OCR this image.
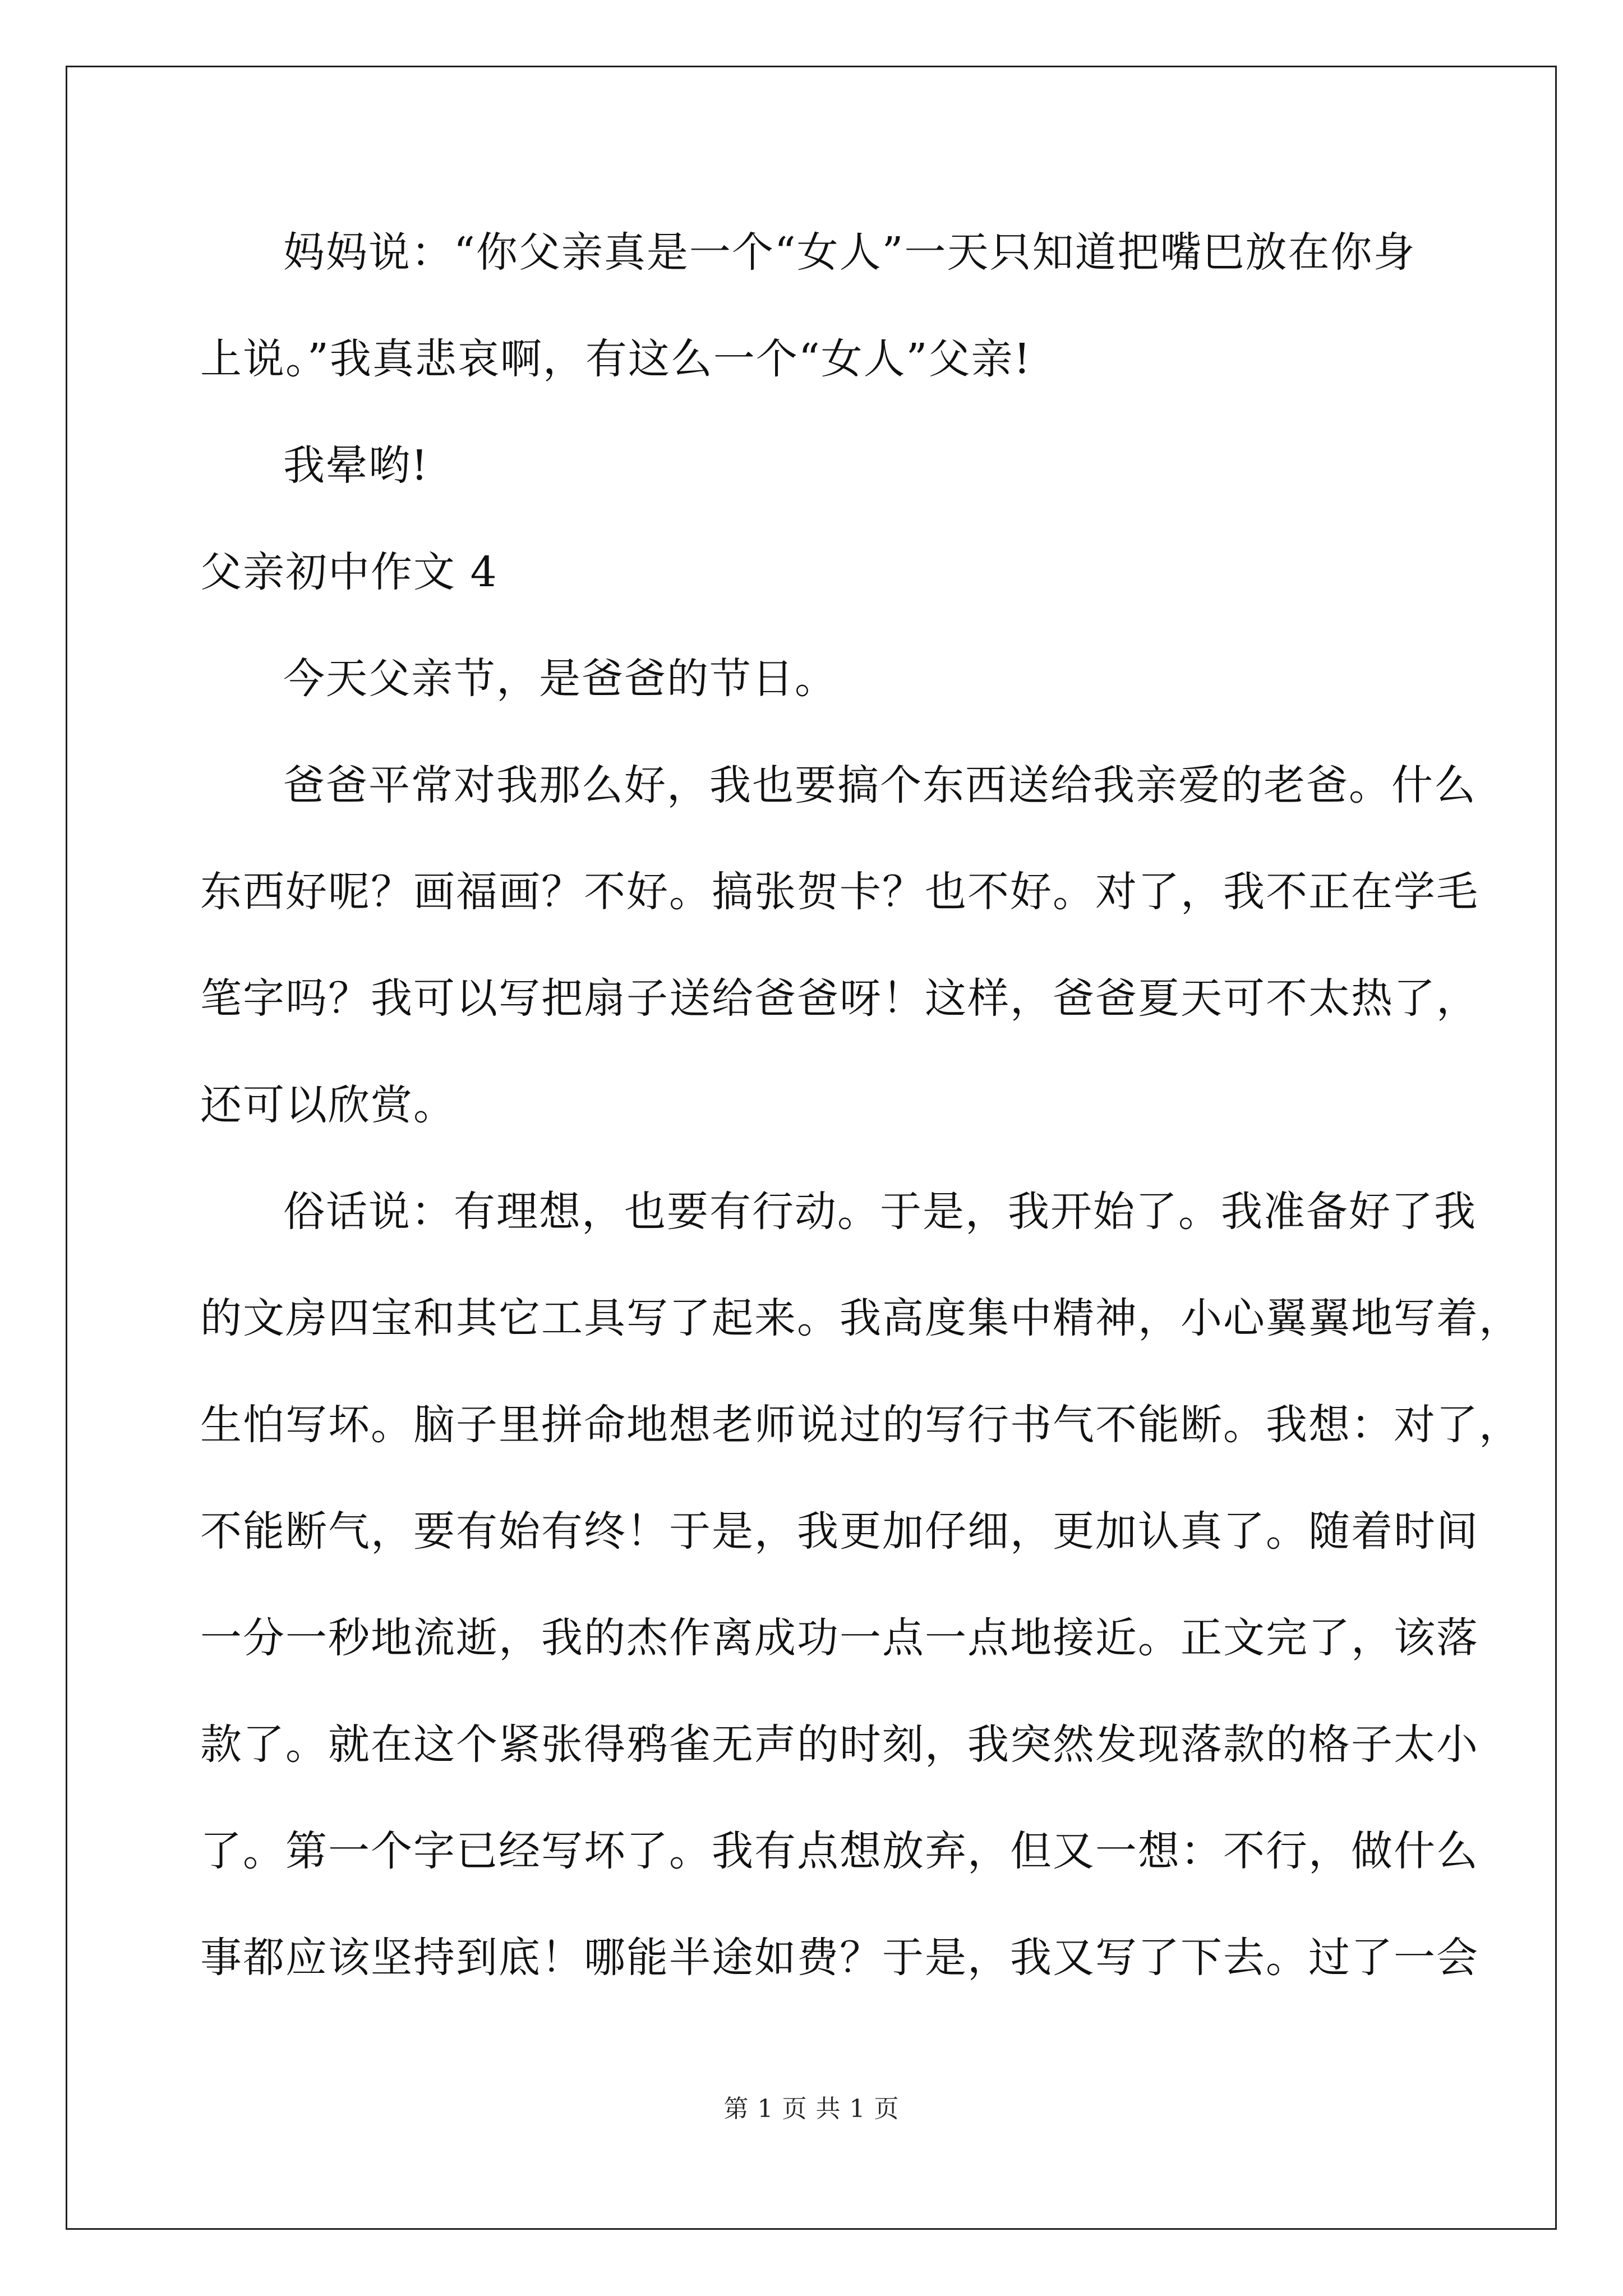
妈妈说：“你父亲真是一个“女人”一天只知道把嘴巴放在你身
上说。”我真悲哀啊，有这么一个“女人”父亲!
我晕哟!
父亲初中作文 4
今天父亲节，是爸爸的节日。
爸爸平常对我那么好，我也要搞个东西送给我亲爱的老爸。什么
东西好呢？画福画？不好。搞张贺卡？也不好。对了，我不正在学毛
笔字吗？我可以写把扇子送给爸爸呀！这样，爸爸夏天可不太热了，
还可以欣赏。
俗话说：有理想，也要有行动。于是，我开始了。我准备好了我
的文房四宝和其它工具写了起来。我高度集中精神，小心翼翼地写着，
生怕写坏。脑子里拼命地想老师说过的写行书气不能断。我想：对了，
不能断气，要有始有终！于是，我更加仔细，更加认真了。随着时间
一分一秒地流逝，我的杰作离成功一点一点地接近。正文完了，该落
款了。就在这个紧张得鸦雀无声的时刻，我突然发现落款的格子太小
了。第一个字已经写坏了。我有点想放弃，但又一想：不行，做什么
事都应该坚持到底！哪能半途如费？于是，我又写了下去。过了一会
第 1 页 共 1 页
